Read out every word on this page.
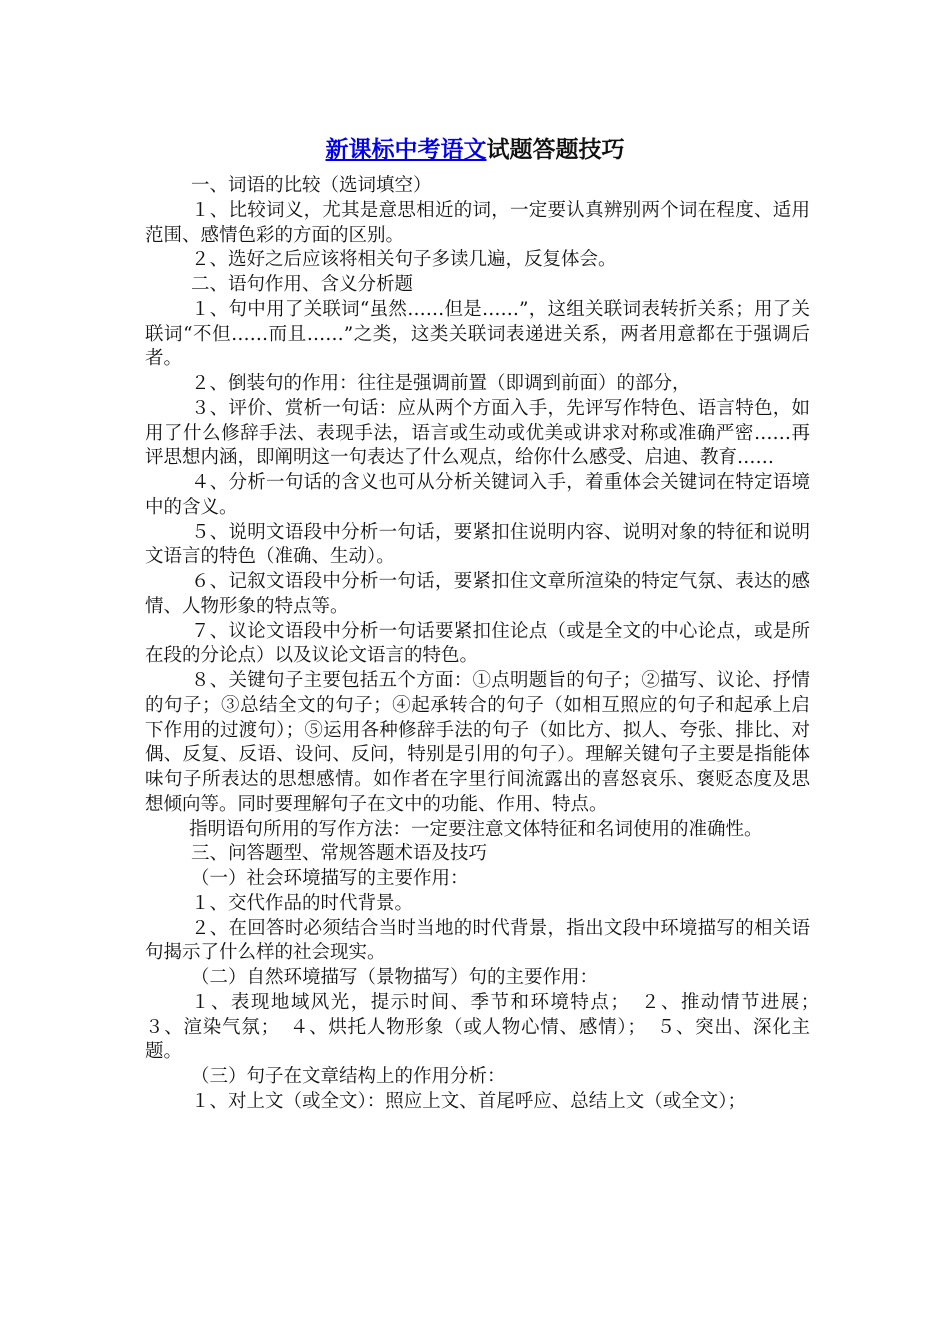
新课标中考语文试题答题技巧

一、词语的比较（选词填空）

１、比较词义，尤其是意思相近的词，一定要认真辨别两个词在程度、适用范围、感情色彩的方面的区别。

２、选好之后应该将相关句子多读几遍，反复体会。

二、语句作用、含义分析题

１、句中用了关联词“虽然……但是……”，这组关联词表转折关系；用了关联词“不但……而且……”之类，这类关联词表递进关系，两者用意都在于强调后者。

２、倒装句的作用：往往是强调前置（即调到前面）的部分，

３、评价、赏析一句话：应从两个方面入手，先评写作特色、语言特色，如用了什么修辞手法、表现手法，语言或生动或优美或讲求对称或准确严密……再评思想内涵，即阐明这一句表达了什么观点，给你什么感受、启迪、教育……

４、分析一句话的含义也可从分析关键词入手，着重体会关键词在特定语境中的含义。

５、说明文语段中分析一句话，要紧扣住说明内容、说明对象的特征和说明文语言的特色（准确、生动）。

６、记叙文语段中分析一句话，要紧扣住文章所渲染的特定气氛、表达的感情、人物形象的特点等。

７、议论文语段中分析一句话要紧扣住论点（或是全文的中心论点，或是所在段的分论点）以及议论文语言的特色。

８、关键句子主要包括五个方面：①点明题旨的句子；②描写、议论、抒情的句子；③总结全文的句子；④起承转合的句子（如相互照应的句子和起承上启下作用的过渡句）；⑤运用各种修辞手法的句子（如比方、拟人、夸张、排比、对偶、反复、反语、设问、反问，特别是引用的句子）。理解关键句子主要是指能体味句子所表达的思想感情。如作者在字里行间流露出的喜怒哀乐、褒贬态度及思想倾向等。同时要理解句子在文中的功能、作用、特点。

指明语句所用的写作方法：一定要注意文体特征和名词使用的准确性。

三、问答题型、常规答题术语及技巧

（一）社会环境描写的主要作用：

１、交代作品的时代背景。

２、在回答时必须结合当时当地的时代背景，指出文段中环境描写的相关语句揭示了什么样的社会现实。

（二）自然环境描写（景物描写）句的主要作用：

１、表现地域风光，提示时间、季节和环境特点；　２、推动情节进展；　３、渲染气氛；　４、烘托人物形象（或人物心情、感情）；　５、突出、深化主题。

（三）句子在文章结构上的作用分析：

１、对上文（或全文）：照应上文、首尾呼应、总结上文（或全文）；
